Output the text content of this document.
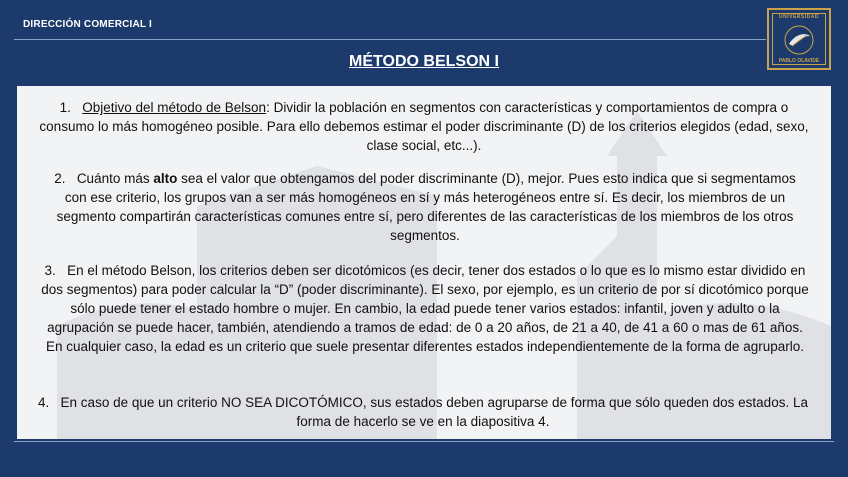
DIRECCIÓN COMERCIAL I
UNIVERSIDAD
PABLO OLAVIDE
MÉTODO BELSON I
1. Objetivo del método de Belson: Dividir la población en segmentos con características y comportamientos de compra o consumo lo más homogéneo posible. Para ello debemos estimar el poder discriminante (D) de los criterios elegidos (edad, sexo, clase social, etc...).
2. Cuánto más alto sea el valor que obtengamos del poder discriminante (D), mejor. Pues esto indica que si segmentamos con ese criterio, los grupos van a ser más homogéneos en sí y más heterogéneos entre sí. Es decir, los miembros de un segmento compartirán características comunes entre sí, pero diferentes de las características de los miembros de los otros segmentos.
3. En el método Belson, los criterios deben ser dicotómicos (es decir, tener dos estados o lo que es lo mismo estar dividido en dos segmentos) para poder calcular la “D” (poder discriminante). El sexo, por ejemplo, es un criterio de por sí dicotómico porque sólo puede tener el estado hombre o mujer. En cambio, la edad puede tener varios estados: infantil, joven y adulto o la agrupación se puede hacer, también, atendiendo a tramos de edad: de 0 a 20 años, de 21 a 40, de 41 a 60 o mas de 61 años. En cualquier caso, la edad es un criterio que suele presentar diferentes estados independientemente de la forma de agruparlo.
4. En caso de que un criterio NO SEA DICOTÓMICO, sus estados deben agruparse de forma que sólo queden dos estados. La forma de hacerlo se ve en la diapositiva 4.
